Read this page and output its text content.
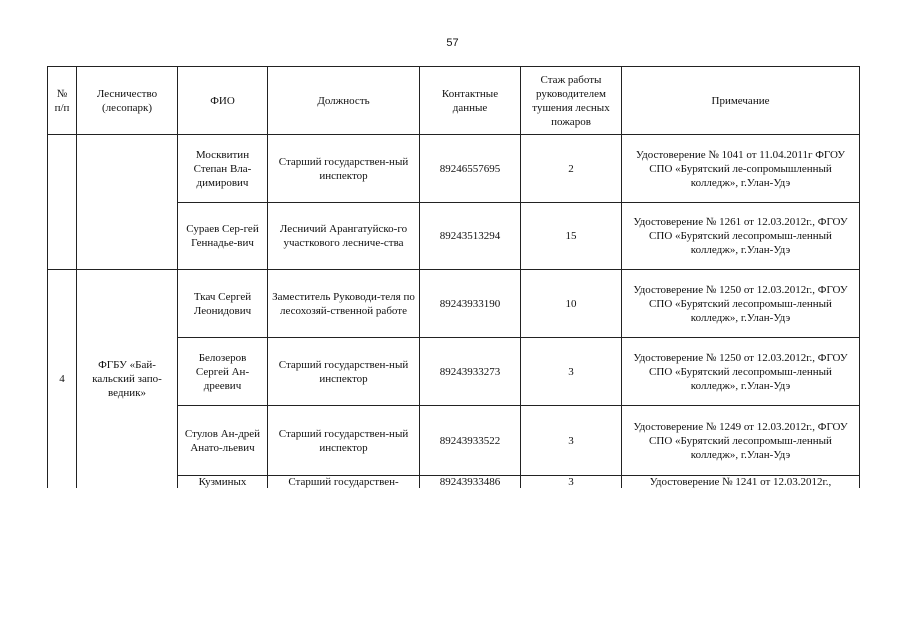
57
№ п/п	Лесничество (лесопарк)	ФИО	Должность	Контактные данные	Стаж работы руководителем тушения лесных пожаров	Примечание
		Москвитин Степан Вла-димирович	Старший государствен-ный инспектор	89246557695	2	Удостоверение № 1041 от 11.04.2011г ФГОУ СПО «Бурятский ле-сопромышленный колледж», г.Улан-Удэ
		Сураев Сер-гей Геннадье-вич	Лесничий Арангатуйско-го участкового лесниче-ства	89243513294	15	Удостоверение № 1261 от 12.03.2012г., ФГОУ СПО «Бурятский лесопромыш-ленный колледж», г.Улан-Удэ
4	ФГБУ «Бай-кальский запо-ведник»	Ткач Сергей Леонидович	Заместитель Руководи-теля по лесохозяй-ственной работе	89243933190	10	Удостоверение № 1250 от 12.03.2012г., ФГОУ СПО «Бурятский лесопромыш-ленный колледж», г.Улан-Удэ
		Белозеров Сергей Ан-дреевич	Старший государствен-ный инспектор	89243933273	3	Удостоверение № 1250 от 12.03.2012г., ФГОУ СПО «Бурятский лесопромыш-ленный колледж», г.Улан-Удэ
		Стулов Ан-дрей Анато-льевич	Старший государствен-ный инспектор	89243933522	3	Удостоверение № 1249 от 12.03.2012г., ФГОУ СПО «Бурятский лесопромыш-ленный колледж», г.Улан-Удэ
		Кузминых	Старший государствен-	89243933486	3	Удостоверение № 1241 от 12.03.2012г.,
